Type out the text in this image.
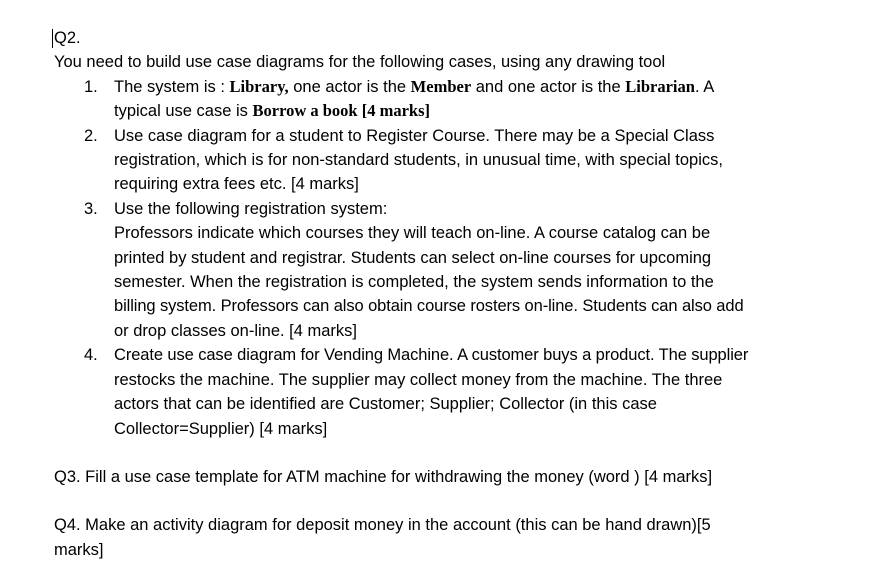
Q2.
You need to build use case diagrams for the following cases, using any drawing tool
1. The system is : Library, one actor is the Member and one actor is the Librarian. A
typical use case is Borrow a book [4 marks]
2. Use case diagram for a student to Register Course. There may be a Special Class
registration, which is for non-standard students, in unusual time, with special topics,
requiring extra fees etc. [4 marks]
3. Use the following registration system:
Professors indicate which courses they will teach on-line. A course catalog can be
printed by student and registrar. Students can select on-line courses for upcoming
semester. When the registration is completed, the system sends information to the
billing system. Professors can also obtain course rosters on-line. Students can also add
or drop classes on-line. [4 marks]
4. Create use case diagram for Vending Machine. A customer buys a product. The supplier
restocks the machine. The supplier may collect money from the machine. The three
actors that can be identified are Customer; Supplier; Collector (in this case
Collector=Supplier) [4 marks]
Q3. Fill a use case template for ATM machine for withdrawing the money (word ) [4 marks]
Q4. Make an activity diagram for deposit money in the account (this can be hand drawn)[5
marks]
